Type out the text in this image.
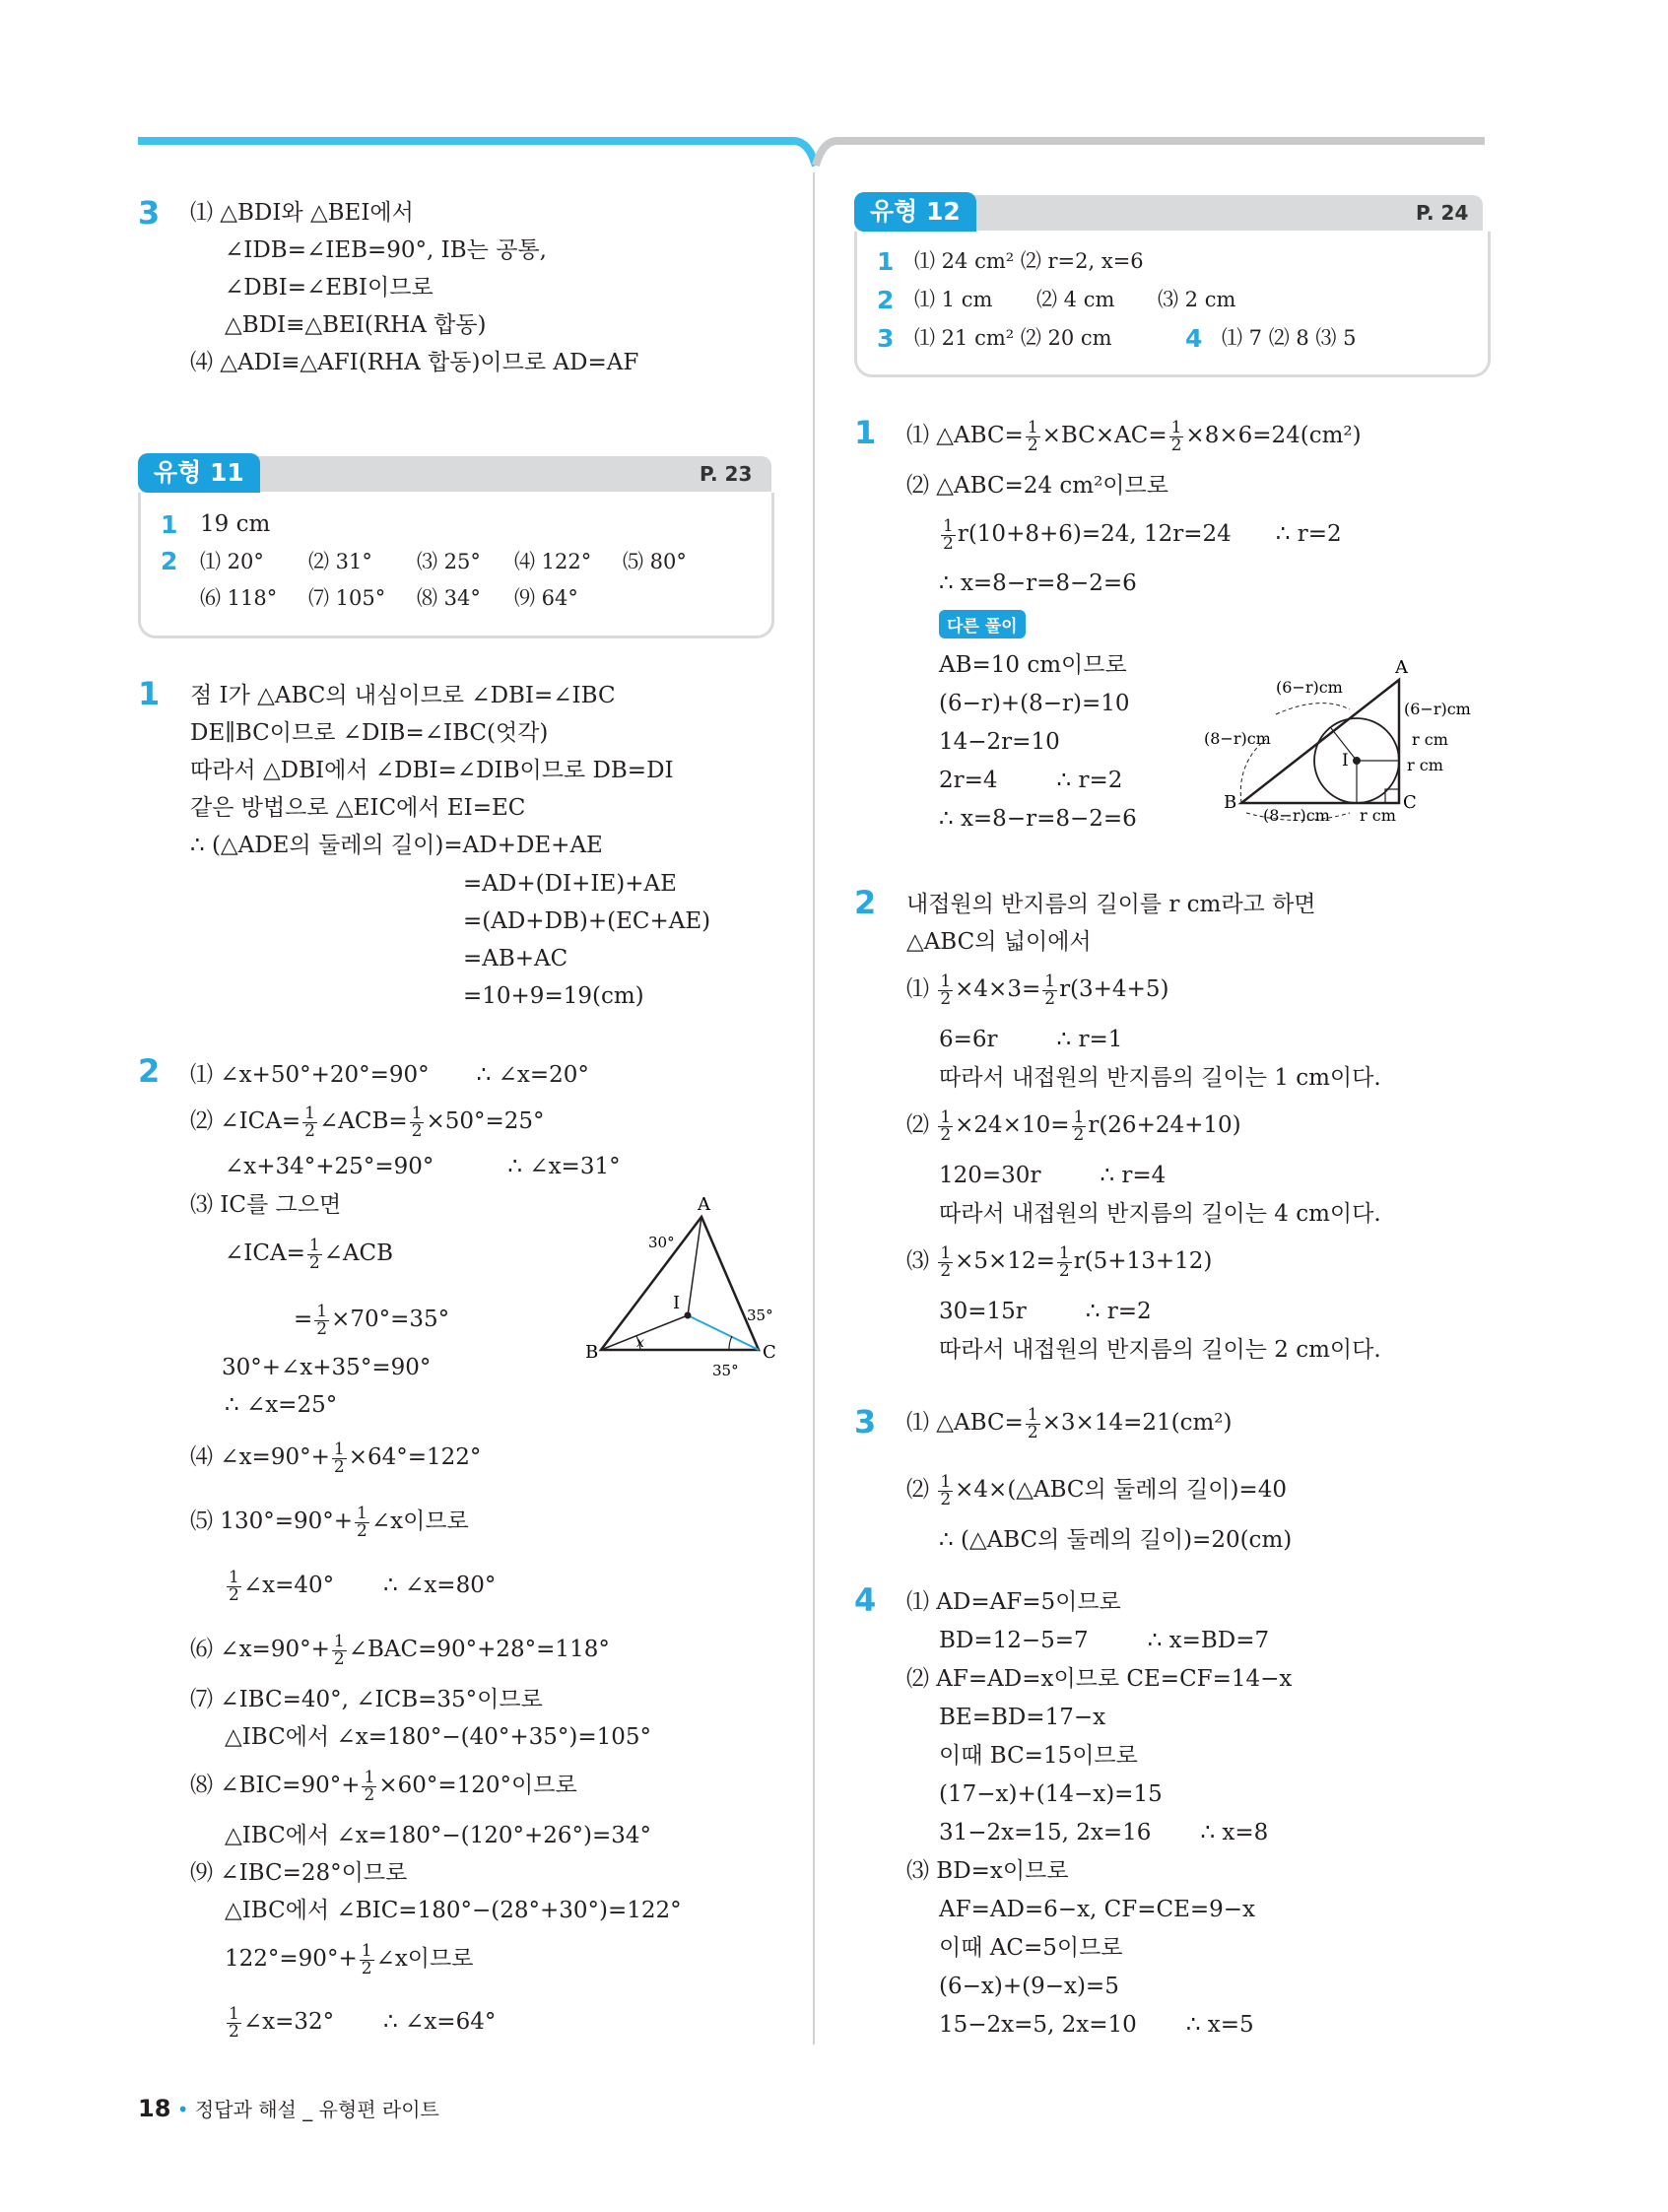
3 ⑴ △BDI와 △BEI에서
∠IDB=∠IEB=90°, IB는 공통,
∠DBI=∠EBI이므로
△BDI≡△BEI(RHA 합동)
⑷ △ADI≡△AFI(RHA 합동)이므로 AD=AF
유형 11	P. 23
1 19 cm
2 ⑴ 20° ⑵ 31° ⑶ 25° ⑷ 122° ⑸ 80°
⑹ 118° ⑺ 105° ⑻ 34° ⑼ 64°
1 점 I가 △ABC의 내심이므로 ∠DBI=∠IBC
DE∥BC이므로 ∠DIB=∠IBC(엇각)
따라서 △DBI에서 ∠DBI=∠DIB이므로 DB=DI
같은 방법으로 △EIC에서 EI=EC
∴ (△ADE의 둘레의 길이)=AD+DE+AE
=AD+(DI+IE)+AE
=(AD+DB)+(EC+AE)
=AB+AC
=10+9=19(cm)
2 ⑴ ∠x+50°+20°=90° ∴ ∠x=20°
⑵ ∠ICA= $\frac{1}{2}$ ∠ACB= $\frac{1}{2} \times 50^\circ=25^\circ$
∠x+34°+25°=90°	∴ ∠x=31°
⑶ IC를 그으면
∠ICA= $\frac{1}{2}$ ∠ACB
= $\frac{1}{2} \times 70^\circ=35^\circ$
30°+∠x+35°=90°
∴ ∠x=25°
⑷ ∠x=90°+ $\frac{1}{2} \times 64^\circ=122^\circ$
⑸ $130^\circ=90^\circ+ \frac{1}{2}$ ∠x이므로
$\frac{1}{2}$ ∠x=40° ∴ ∠x=80°
⑹ ∠x=90°+ $\frac{1}{2}$ ∠BAC=90°+28°=118°
⑺ ∠IBC=40°, ∠ICB=35°이므로
△IBC에서 ∠x=180°−(40°+35°)=105°
⑻ ∠BIC=90°+ $\frac{1}{2} \times 60^\circ=120^\circ$이므로
△IBC에서 ∠x=180°−(120°+26°)=34°
⑼ ∠IBC=28°이므로
△IBC에서 ∠BIC=180°−(28°+30°)=122°
$122^\circ=90^\circ+ \frac{1}{2}$ ∠x이므로
$\frac{1}{2}$ ∠x=32° ∴ ∠x=64°
A
B	C
I
x
30°
35°
35°
유형 12	P. 24
1 ⑴ 24 cm² ⑵ r=2, x=6
2 ⑴ 1 cm ⑵ 4 cm ⑶ 2 cm
3 ⑴ 21 cm² ⑵ 20 cm	4 ⑴ 7 ⑵ 8 ⑶ 5
1 ⑴ △ABC= $\frac{1}{2} \times BC\times AC= \frac{1}{2} \times 8\times 6=24(cm^2)$
⑵ △ABC=24 cm²이므로
$\frac{1}{2} r(10+8+6)=24$, 12r=24 ∴ r=2
∴ x=8−r=8−2=6
다른 풀이
AB=10 cm이므로
(6−r)+(8−r)=10
14−2r=10
2r=4	∴ r=2
∴ x=8−r=8−2=6
A
B	C
I
(6−r)cm
(6−r)cm
(8−r)cm
(8−r)cm
r cm
r cm
r cm
2 내접원의 반지름의 길이를 r cm라고 하면
△ABC의 넓이에서
⑴ $\frac{1}{2} \times 4\times 3= \frac{1}{2} r(3+4+5)$
6=6r	∴ r=1
따라서 내접원의 반지름의 길이는 1 cm이다.
⑵ $\frac{1}{2} \times 24\times 10= \frac{1}{2} r(26+24+10)$
120=30r	∴ r=4
따라서 내접원의 반지름의 길이는 4 cm이다.
⑶ $\frac{1}{2} \times 5\times 12= \frac{1}{2} r(5+13+12)$
30=15r	∴ r=2
따라서 내접원의 반지름의 길이는 2 cm이다.
3 ⑴ △ABC= $\frac{1}{2} \times 3\times 14=21(cm^2)$
⑵ $\frac{1}{2}$ ×4×(△ABC의 둘레의 길이)=40
∴ (△ABC의 둘레의 길이)=20(cm)
4 ⑴ AD=AF=5이므로
BD=12−5=7	∴ x=BD=7
⑵ AF=AD=x이므로 CE=CF=14−x
BE=BD=17−x
이때 BC=15이므로
(17−x)+(14−x)=15
31−2x=15, 2x=16 ∴ x=8
⑶ BD=x이므로
AF=AD=6−x, CF=CE=9−x
이때 AC=5이므로
(6−x)+(9−x)=5
15−2x=5, 2x=10 ∴ x=5
18 • 정답과 해설 _ 유형편 라이트
